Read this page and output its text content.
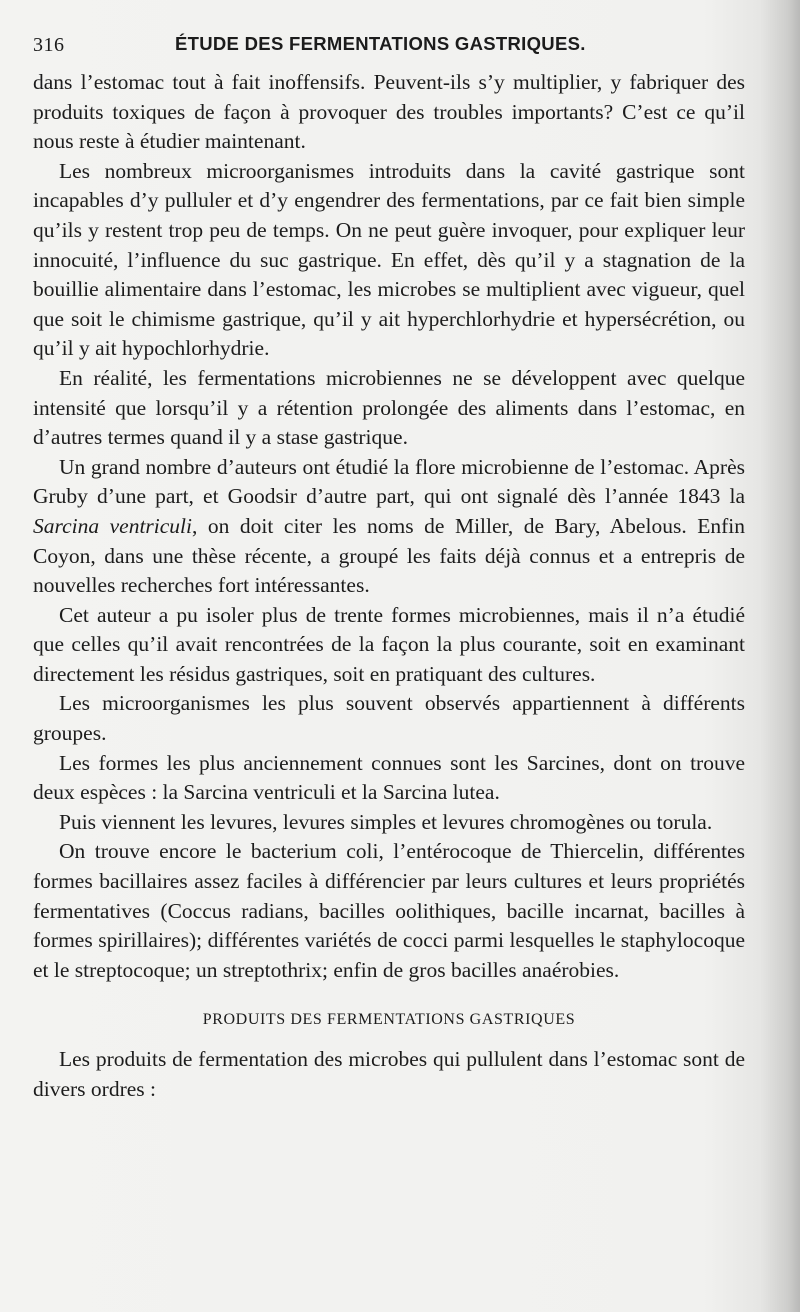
316	ÉTUDE DES FERMENTATIONS GASTRIQUES.

dans l’estomac tout à fait inoffensifs. Peuvent-ils s’y multiplier, y fabriquer des produits toxiques de façon à provoquer des troubles importants? C’est ce qu’il nous reste à étudier maintenant.

Les nombreux microorganismes introduits dans la cavité gastrique sont incapables d’y pulluler et d’y engendrer des fermentations, par ce fait bien simple qu’ils y restent trop peu de temps. On ne peut guère invoquer, pour expliquer leur innocuité, l’influence du suc gastrique. En effet, dès qu’il y a stagnation de la bouillie alimentaire dans l’estomac, les microbes se multiplient avec vigueur, quel que soit le chimisme gastrique, qu’il y ait hyperchlorhydrie et hypersécrétion, ou qu’il y ait hypochlorhydrie.

En réalité, les fermentations microbiennes ne se développent avec quelque intensité que lorsqu’il y a rétention prolongée des aliments dans l’estomac, en d’autres termes quand il y a stase gastrique.

Un grand nombre d’auteurs ont étudié la flore microbienne de l’estomac. Après Gruby d’une part, et Goodsir d’autre part, qui ont signalé dès l’année 1843 la Sarcina ventriculi, on doit citer les noms de Miller, de Bary, Abelous. Enfin Coyon, dans une thèse récente, a groupé les faits déjà connus et a entrepris de nouvelles recherches fort intéressantes.

Cet auteur a pu isoler plus de trente formes microbiennes, mais il n’a étudié que celles qu’il avait rencontrées de la façon la plus courante, soit en examinant directement les résidus gastriques, soit en pratiquant des cultures.

Les microorganismes les plus souvent observés appartiennent à différents groupes.

Les formes les plus anciennement connues sont les Sarcines, dont on trouve deux espèces : la Sarcina ventriculi et la Sarcina lutea.

Puis viennent les levures, levures simples et levures chromogènes ou torula.

On trouve encore le bacterium coli, l’entérocoque de Thiercelin, différentes formes bacillaires assez faciles à différencier par leurs cultures et leurs propriétés fermentatives (Coccus radians, bacilles oolithiques, bacille incarnat, bacilles à formes spirillaires); différentes variétés de cocci parmi lesquelles le staphylocoque et le streptocoque; un streptothrix; enfin de gros bacilles anaérobies.

PRODUITS DES FERMENTATIONS GASTRIQUES

Les produits de fermentation des microbes qui pullulent dans l’estomac sont de divers ordres :
